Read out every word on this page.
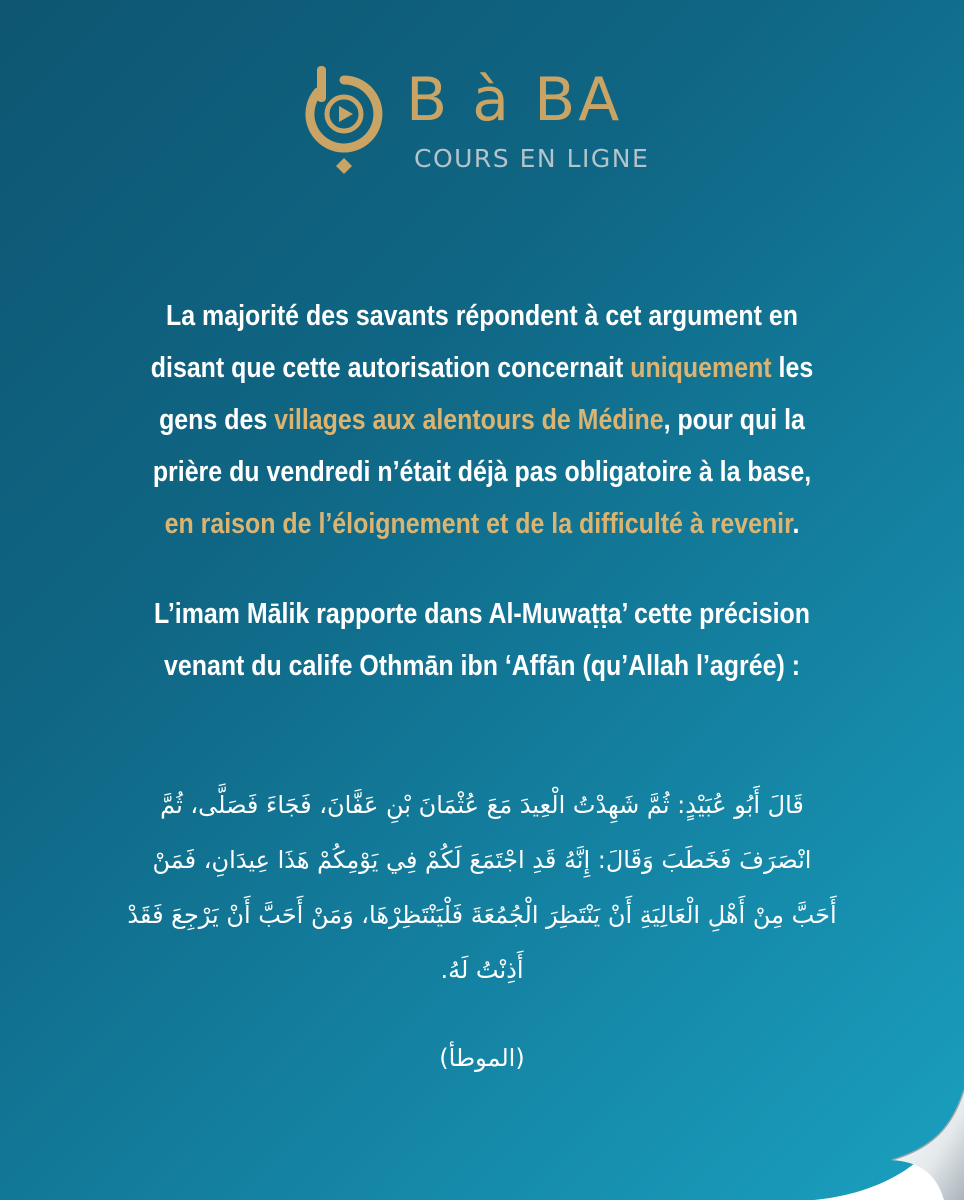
B à BA
COURS EN LIGNE
La majorité des savants répondent à cet argument en
disant que cette autorisation concernait uniquement les
gens des villages aux alentours de Médine, pour qui la
prière du vendredi n’était déjà pas obligatoire à la base,
en raison de l’éloignement et de la difficulté à revenir.
L’imam Mālik rapporte dans Al-Muwaṭṭa’ cette précision
venant du calife Othmān ibn ‘Affān (qu’Allah l’agrée) :
قَالَ أَبُو عُبَيْدٍ: ثُمَّ شَهِدْتُ الْعِيدَ مَعَ عُثْمَانَ بْنِ عَفَّانَ، فَجَاءَ فَصَلَّى، ثُمَّ
انْصَرَفَ فَخَطَبَ وَقَالَ: إِنَّهُ قَدِ اجْتَمَعَ لَكُمْ فِي يَوْمِكُمْ هَذَا عِيدَانِ، فَمَنْ
أَحَبَّ مِنْ أَهْلِ الْعَالِيَةِ أَنْ يَنْتَظِرَ الْجُمُعَةَ فَلْيَنْتَظِرْهَا، وَمَنْ أَحَبَّ أَنْ يَرْجِعَ فَقَدْ
أَذِنْتُ لَهُ.
(الموطأ)
